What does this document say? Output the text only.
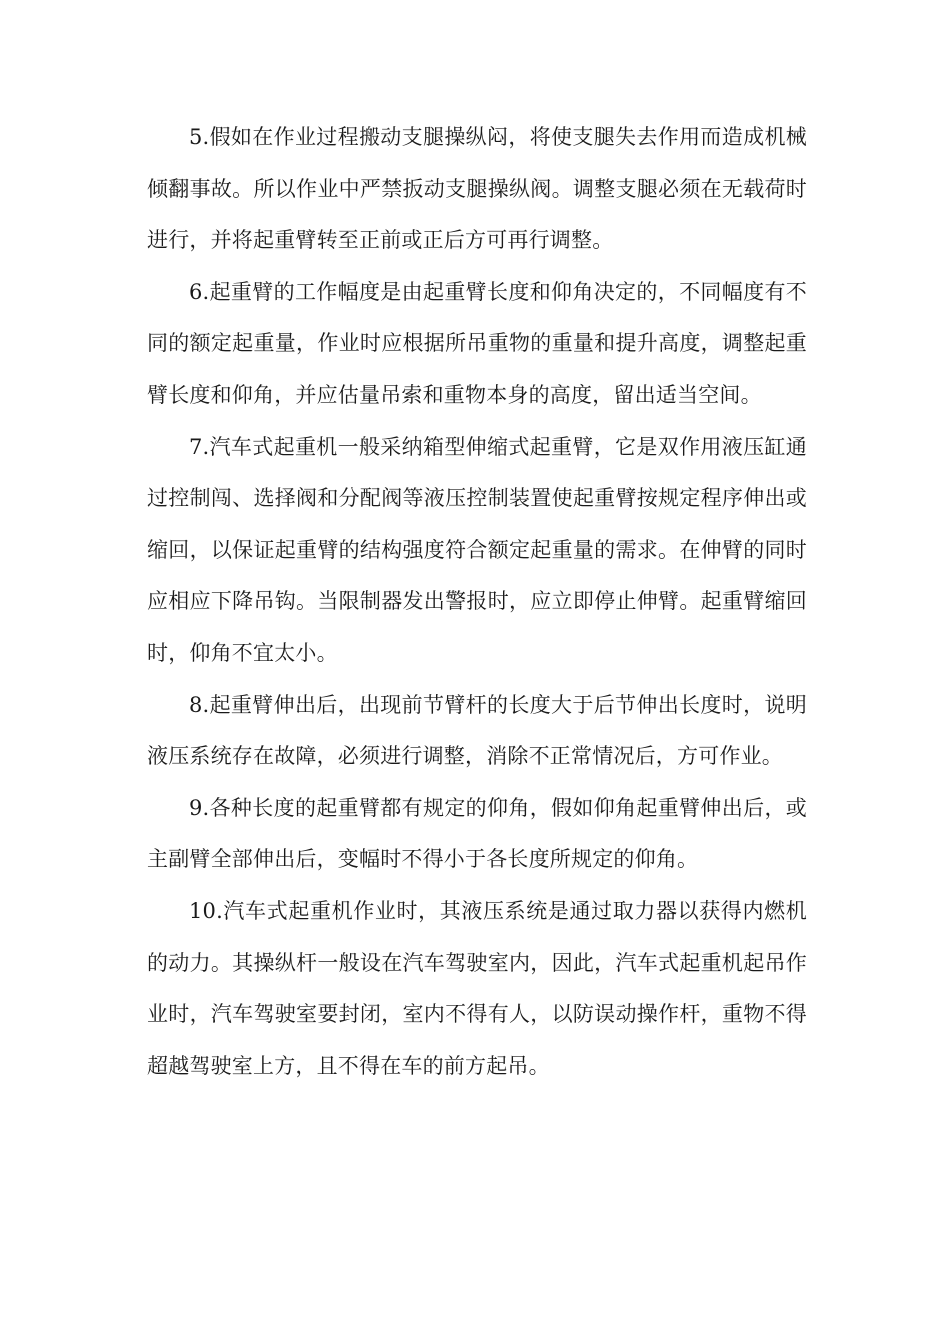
5.假如在作业过程搬动支腿操纵闷，将使支腿失去作用而造成机械倾翻事故。所以作业中严禁扳动支腿操纵阀。调整支腿必须在无载荷时进行，并将起重臂转至正前或正后方可再行调整。

6.起重臂的工作幅度是由起重臂长度和仰角决定的，不同幅度有不同的额定起重量，作业时应根据所吊重物的重量和提升高度，调整起重臂长度和仰角，并应估量吊索和重物本身的高度，留出适当空间。

7.汽车式起重机一般采纳箱型伸缩式起重臂，它是双作用液压缸通过控制闯、选择阀和分配阀等液压控制装置使起重臂按规定程序伸出或缩回，以保证起重臂的结构强度符合额定起重量的需求。在伸臂的同时应相应下降吊钩。当限制器发出警报时，应立即停止伸臂。起重臂缩回时，仰角不宜太小。

8.起重臂伸出后，出现前节臂杆的长度大于后节伸出长度时，说明液压系统存在故障，必须进行调整，消除不正常情况后，方可作业。

9.各种长度的起重臂都有规定的仰角，假如仰角起重臂伸出后，或主副臂全部伸出后，变幅时不得小于各长度所规定的仰角。

10.汽车式起重机作业时，其液压系统是通过取力器以获得内燃机的动力。其操纵杆一般设在汽车驾驶室内，因此，汽车式起重机起吊作业时，汽车驾驶室要封闭，室内不得有人，以防误动操作杆，重物不得超越驾驶室上方，且不得在车的前方起吊。
